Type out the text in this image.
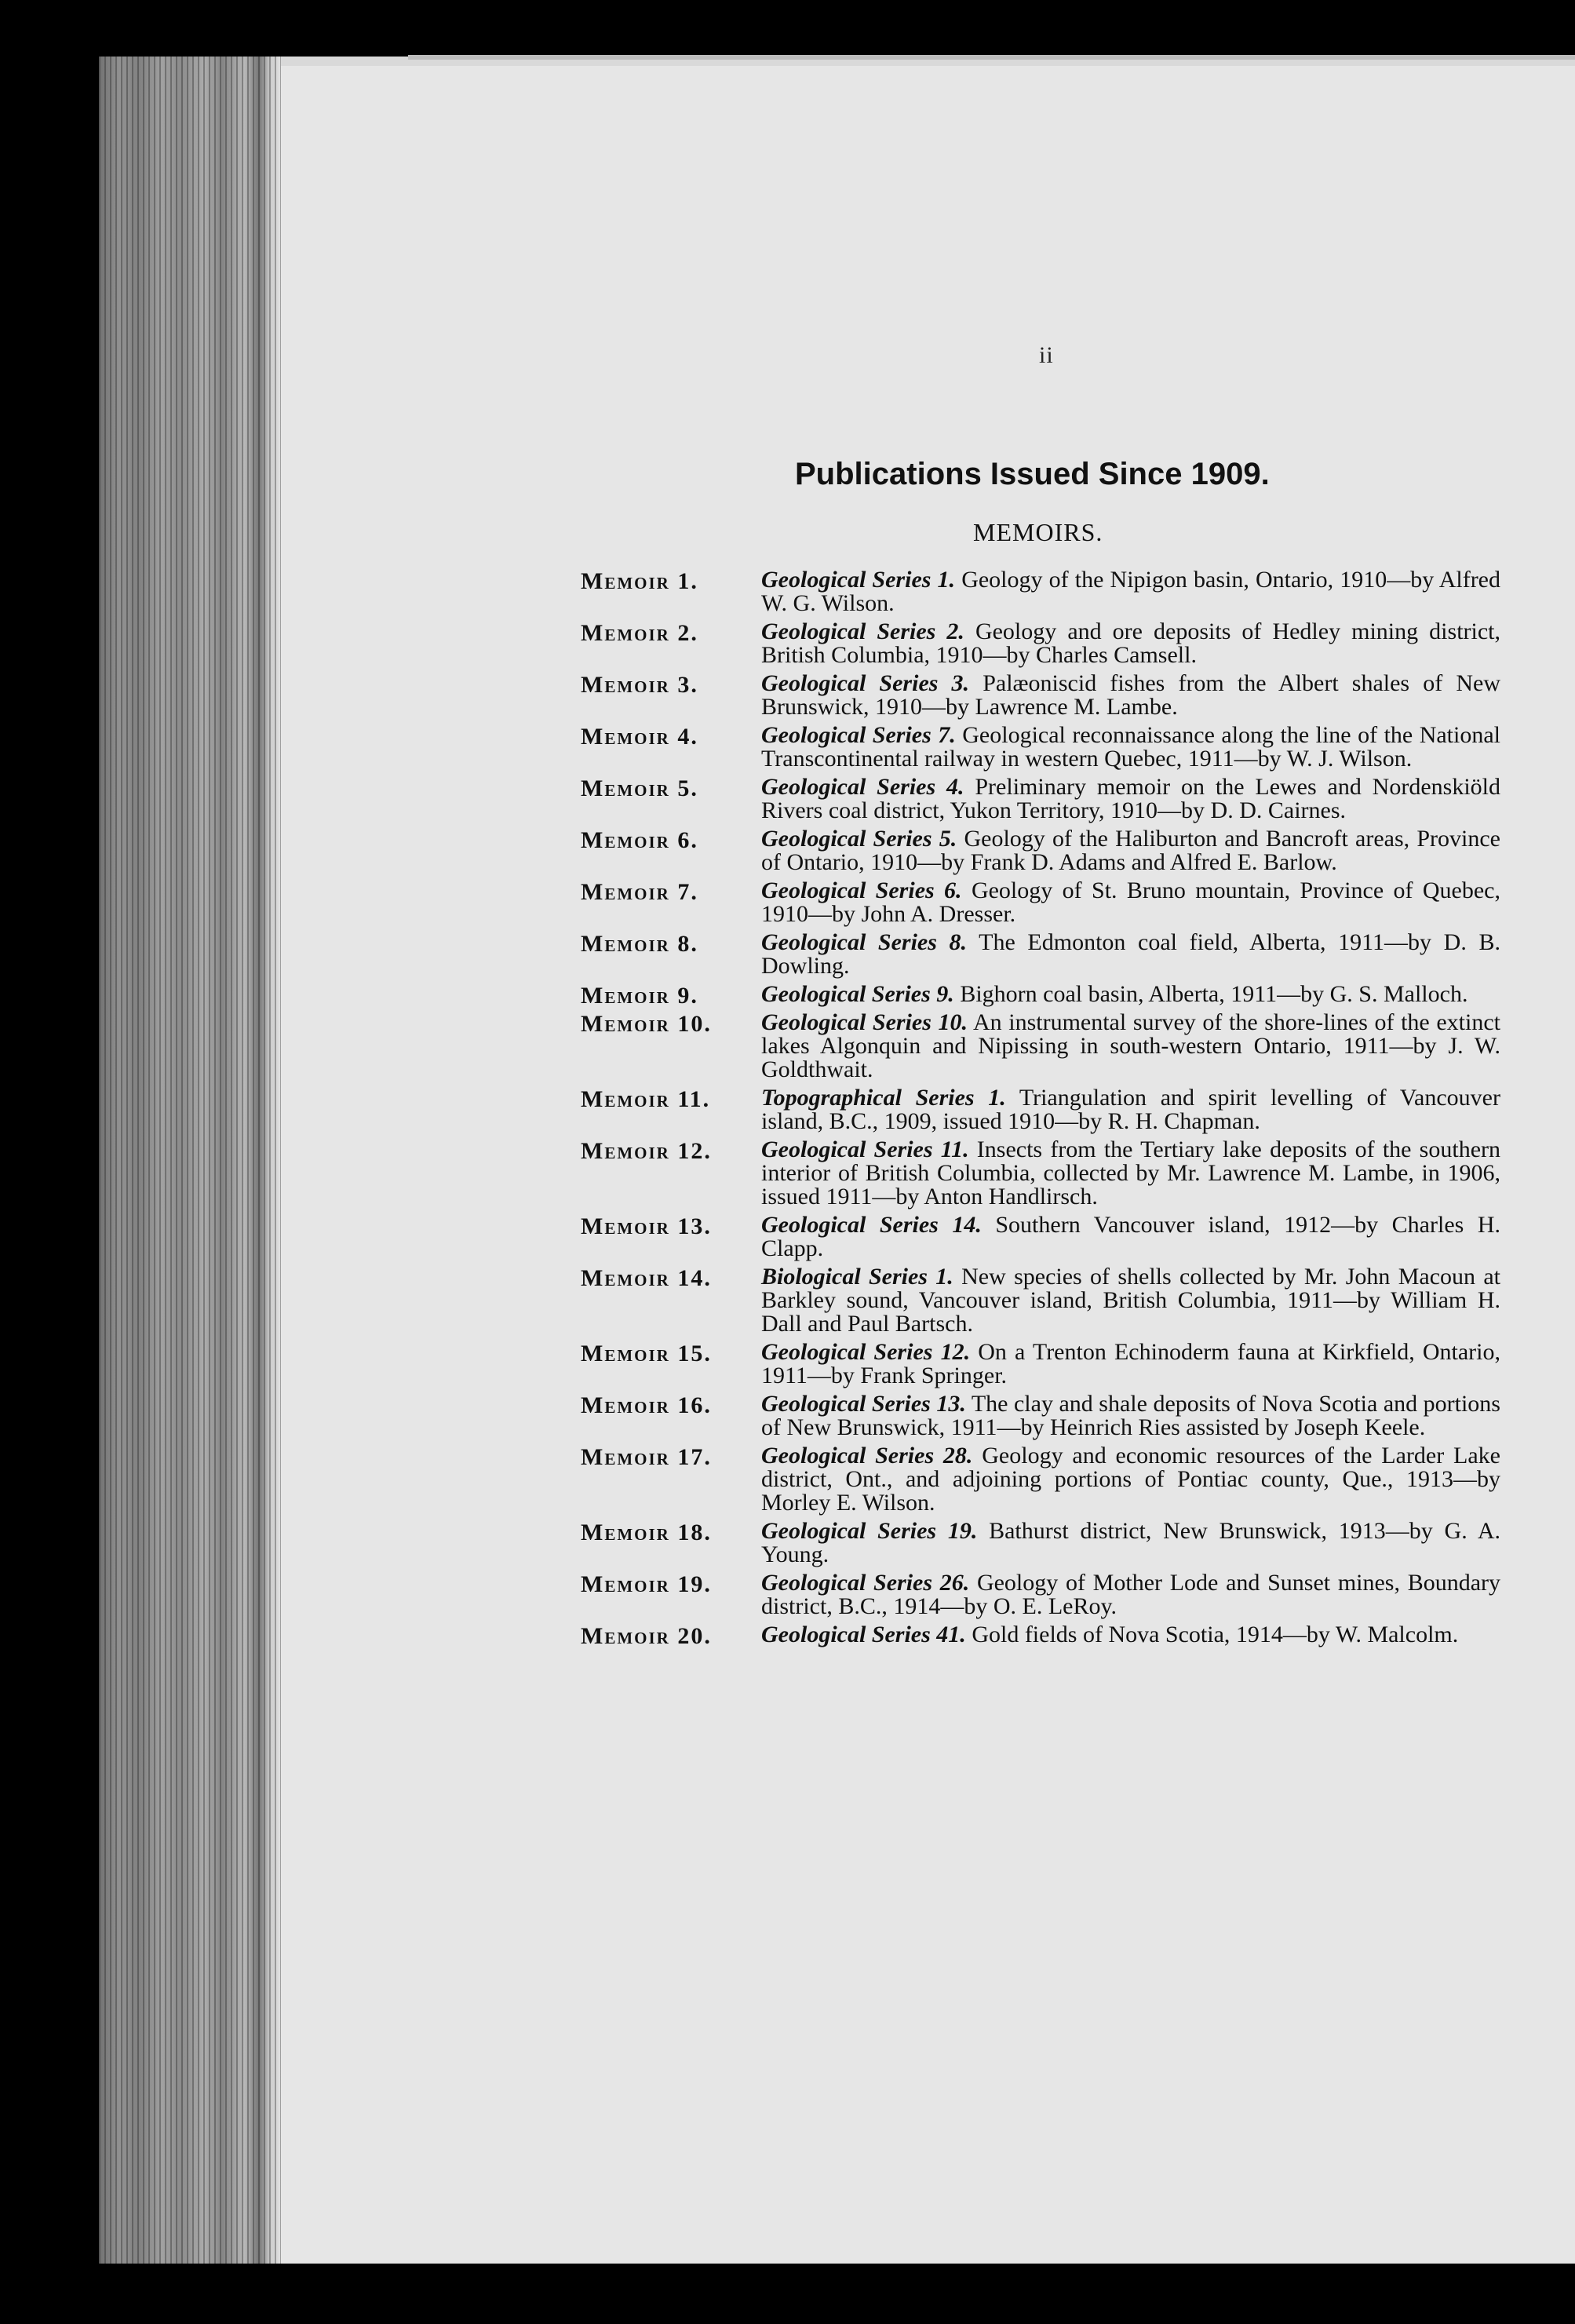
ii
Publications Issued Since 1909.
MEMOIRS.
Memoir 1.	Geological Series 1. Geology of the Nipigon basin, Ontario, 1910—by Alfred W. G. Wilson.
Memoir 2.	Geological Series 2. Geology and ore deposits of Hedley mining district, British Columbia, 1910—by Charles Camsell.
Memoir 3.	Geological Series 3. Palæoniscid fishes from the Albert shales of New Brunswick, 1910—by Lawrence M. Lambe.
Memoir 4.	Geological Series 7. Geological reconnaissance along the line of the National Transcontinental railway in western Quebec, 1911—by W. J. Wilson.
Memoir 5.	Geological Series 4. Preliminary memoir on the Lewes and Nordenskiöld Rivers coal district, Yukon Territory, 1910—by D. D. Cairnes.
Memoir 6.	Geological Series 5. Geology of the Haliburton and Bancroft areas, Province of Ontario, 1910—by Frank D. Adams and Alfred E. Barlow.
Memoir 7.	Geological Series 6. Geology of St. Bruno mountain, Province of Quebec, 1910—by John A. Dresser.
Memoir 8.	Geological Series 8. The Edmonton coal field, Alberta, 1911—by D. B. Dowling.
Memoir 9.	Geological Series 9. Bighorn coal basin, Alberta, 1911—by G. S. Malloch.
Memoir 10.	Geological Series 10. An instrumental survey of the shore-lines of the extinct lakes Algonquin and Nipissing in south-western Ontario, 1911—by J. W. Goldthwait.
Memoir 11.	Topographical Series 1. Triangulation and spirit levelling of Vancouver island, B.C., 1909, issued 1910—by R. H. Chapman.
Memoir 12.	Geological Series 11. Insects from the Tertiary lake deposits of the southern interior of British Columbia, collected by Mr. Lawrence M. Lambe, in 1906, issued 1911—by Anton Handlirsch.
Memoir 13.	Geological Series 14. Southern Vancouver island, 1912—by Charles H. Clapp.
Memoir 14.	Biological Series 1. New species of shells collected by Mr. John Macoun at Barkley sound, Vancouver island, British Columbia, 1911—by William H. Dall and Paul Bartsch.
Memoir 15.	Geological Series 12. On a Trenton Echinoderm fauna at Kirkfield, Ontario, 1911—by Frank Springer.
Memoir 16.	Geological Series 13. The clay and shale deposits of Nova Scotia and portions of New Brunswick, 1911—by Heinrich Ries assisted by Joseph Keele.
Memoir 17.	Geological Series 28. Geology and economic resources of the Larder Lake district, Ont., and adjoining portions of Pontiac county, Que., 1913—by Morley E. Wilson.
Memoir 18.	Geological Series 19. Bathurst district, New Brunswick, 1913—by G. A. Young.
Memoir 19.	Geological Series 26. Geology of Mother Lode and Sunset mines, Boundary district, B.C., 1914—by O. E. LeRoy.
Memoir 20.	Geological Series 41. Gold fields of Nova Scotia, 1914—by W. Malcolm.
